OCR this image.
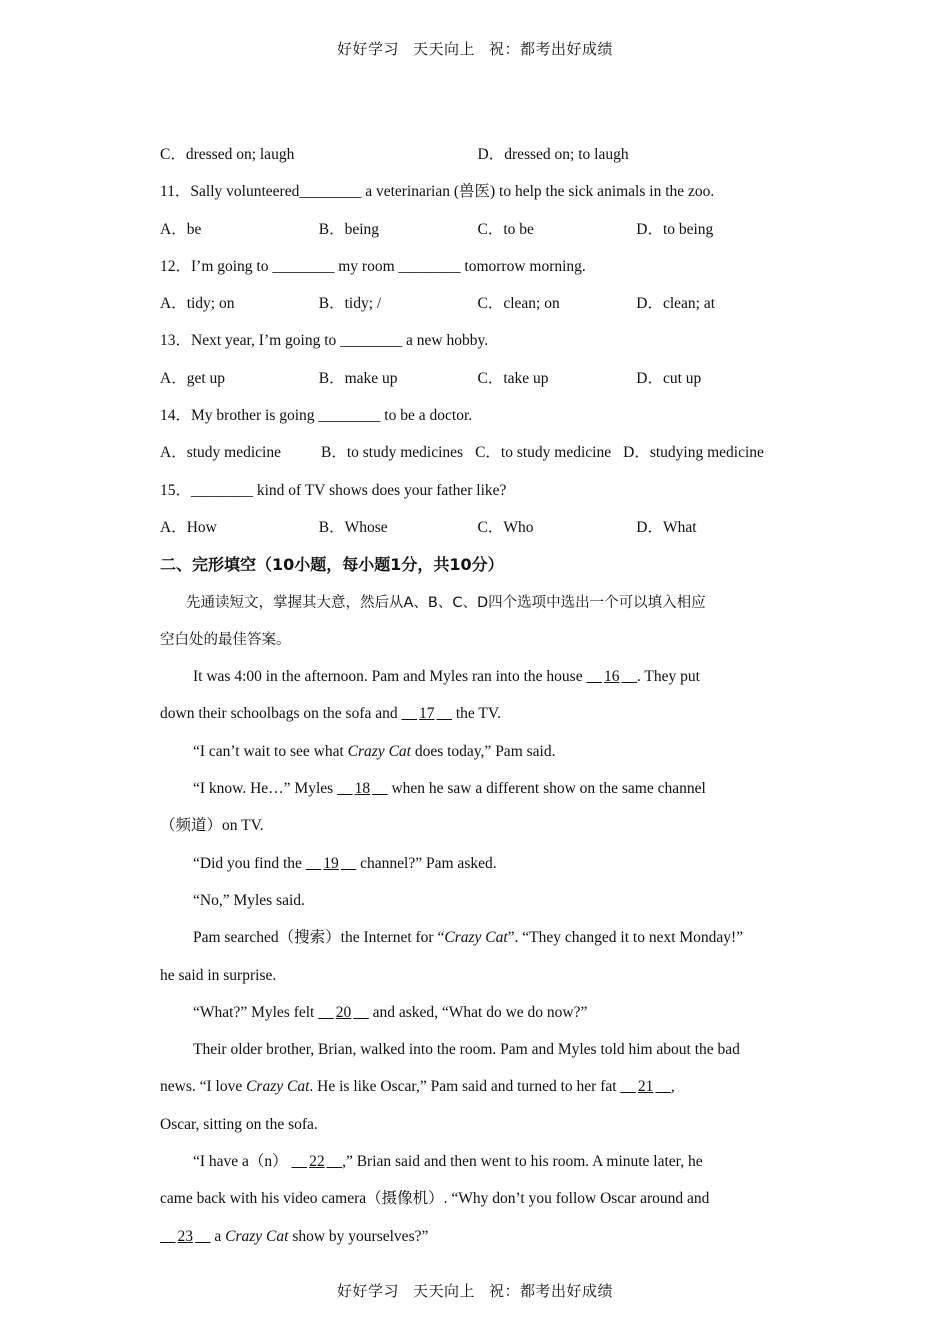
好好学习 天天向上 祝：都考出好成绩
C．dressed on; laugh	D．dressed on; to laugh
11．Sally volunteered________ a veterinarian (兽医) to help the sick animals in the zoo.
A．be	B．being	C．to be	D．to being
12．I’m going to ________ my room ________ tomorrow morning.
A．tidy; on	B．tidy; /	C．clean; on	D．clean; at
13．Next year, I’m going to ________ a new hobby.
A．get up	B．make up	C．take up	D．cut up
14．My brother is going ________ to be a doctor.
A．study medicine	B．to study medicines C．to study medicine D．studying medicine
15．________ kind of TV shows does your father like?
A．How	B．Whose	C．Who	D．What
二、完形填空（10小题，每小题1分，共10分）
先通读短文，掌握其大意，然后从A、B、C、D四个选项中选出一个可以填入相应
空白处的最佳答案。
It was 4:00 in the afternoon. Pam and Myles ran into the house     16 . They put
down their schoolbags on the sofa and     17     the TV.
“I can’t wait to see what Crazy Cat does today,” Pam said.
“I know. He…” Myles     18     when he saw a different show on the same channel
（频道）on TV.
“Did you find the     19     channel?” Pam asked.
“No,” Myles said.
Pam searched（搜索）the Internet for “Crazy Cat”. “They changed it to next Monday!”
he said in surprise.
“What?” Myles felt     20     and asked, “What do we do now?”
Their older brother, Brian, walked into the room. Pam and Myles told him about the bad
news. “I love Crazy Cat. He is like Oscar,” Pam said and turned to her fat     21 ,
Oscar, sitting on the sofa.
“I have a（n）     22 ,” Brian said and then went to his room. A minute later, he
came back with his video camera（摄像机）. “Why don’t you follow Oscar around and
23     a Crazy Cat show by yourselves?”
好好学习 天天向上 祝：都考出好成绩
